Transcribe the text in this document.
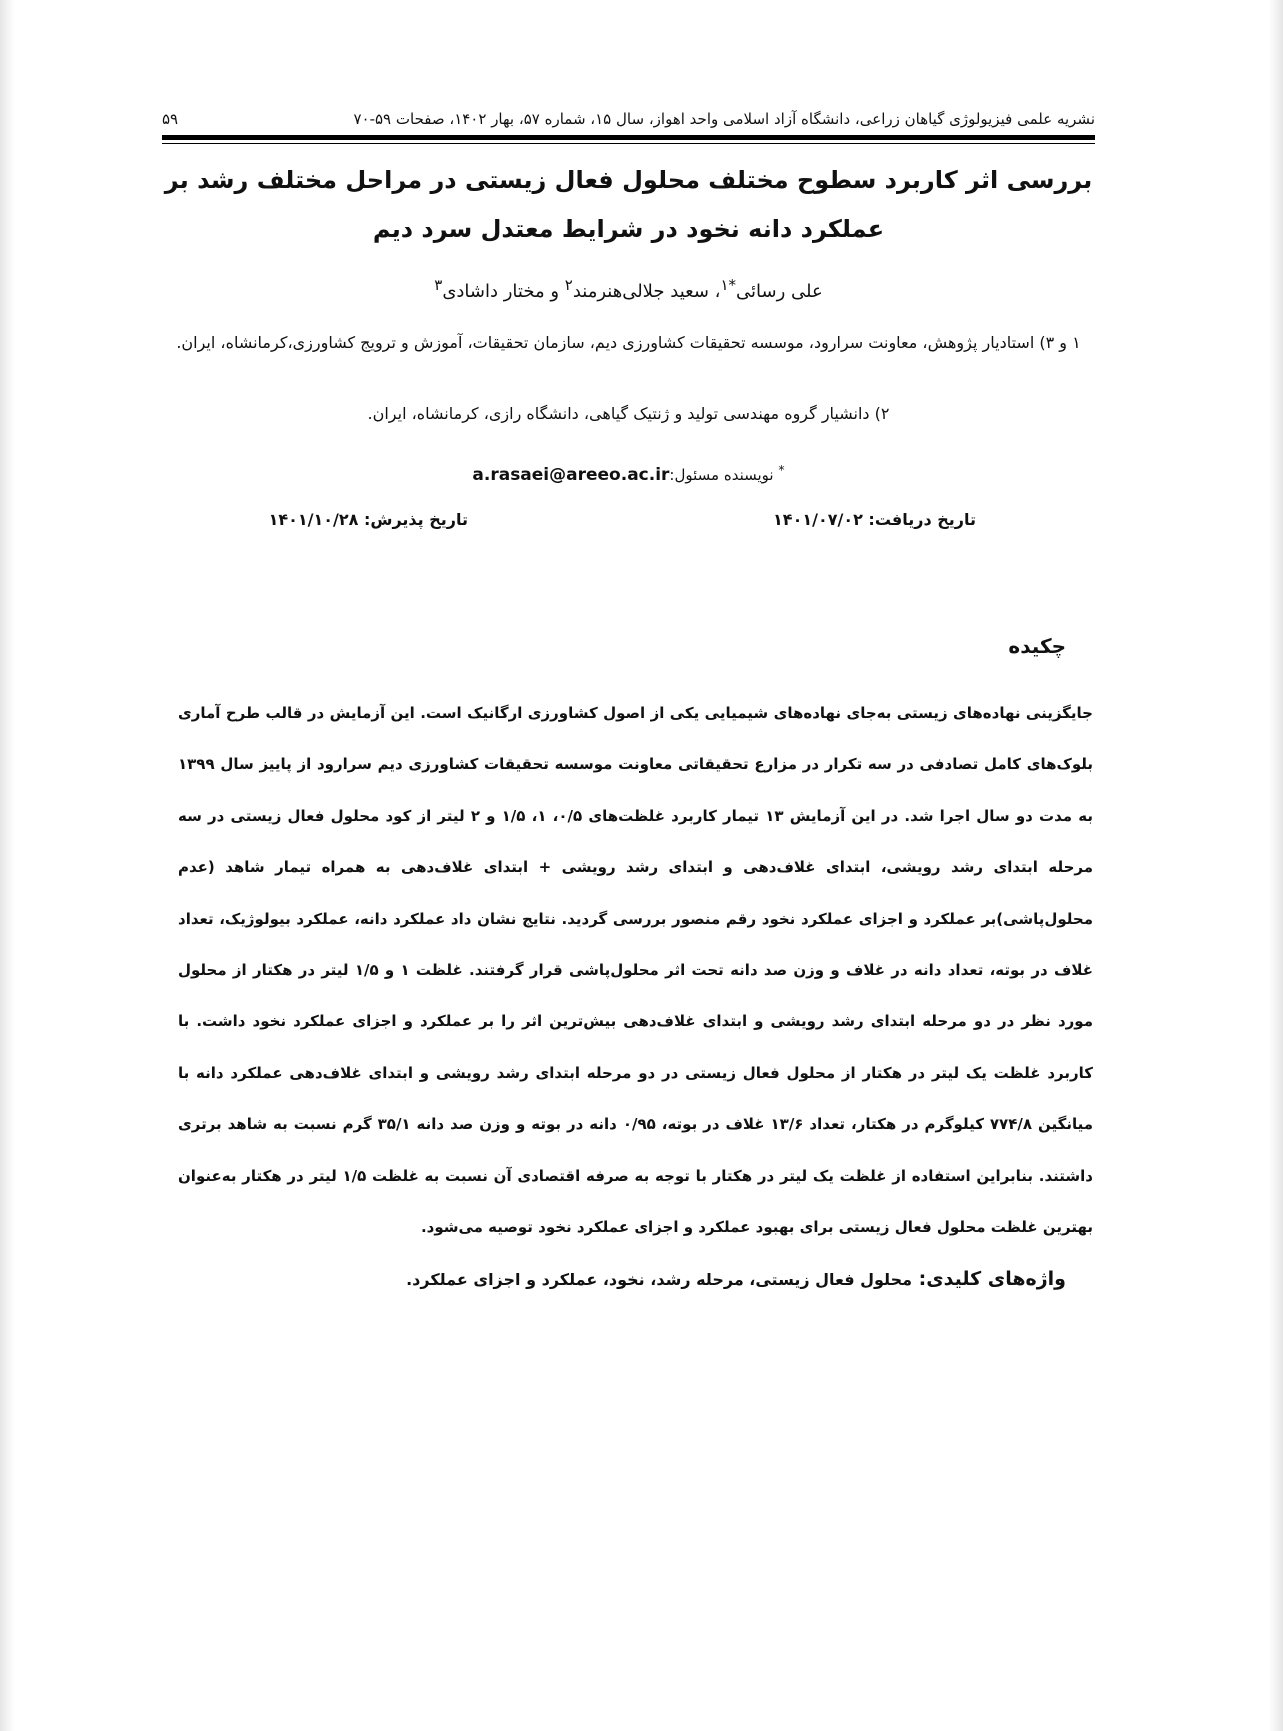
۵۹	نشریه علمی فیزیولوژی گیاهان زراعی، دانشگاه آزاد اسلامی واحد اهواز، سال ۱۵، شماره ۵۷، بهار ۱۴۰۲، صفحات ۵۹-۷۰
بررسی اثر کاربرد سطوح مختلف محلول فعال زیستی در مراحل مختلف رشد بر عملکرد دانه نخود در شرایط معتدل سرد دیم
علی رسائی$^{*۱}$، سعید جلالی‌هنرمند$^۲$ و مختار داشادی$^۳$
۱ و ۳) استادیار پژوهش، معاونت سرارود، موسسه تحقیقات کشاورزی دیم، سازمان تحقیقات، آموزش و ترویج کشاورزی،کرمانشاه، ایران.
۲) دانشیار گروه مهندسی تولید و ژنتیک گیاهی، دانشگاه رازی، کرمانشاه، ایران.
* نویسنده مسئول:a.rasaei@areeo.ac.ir
تاریخ دریافت: ۱۴۰۱/۰۷/۰۲
تاریخ پذیرش: ۱۴۰۱/۱۰/۲۸
چکیده

جایگزینی نهاده‌های زیستی به‌جای نهاده‌های شیمیایی یکی از اصول کشاورزی ارگانیک است. این آزمایش در قالب طرح آماری بلوک‌های کامل تصادفی در سه تکرار در مزارع تحقیقاتی معاونت موسسه تحقیقات کشاورزی دیم سرارود از پاییز سال ۱۳۹۹ به مدت دو سال اجرا شد. در این آزمایش ۱۳ تیمار کاربرد غلظت‌های ۰/۵، ۱، ۱/۵ و ۲ لیتر از کود محلول فعال زیستی در سه مرحله ابتدای رشد رویشی، ابتدای غلاف‌دهی و ابتدای رشد رویشی + ابتدای غلاف‌دهی به همراه تیمار شاهد (عدم محلول‌پاشی)بر عملکرد و اجزای عملکرد نخود رقم منصور بررسی گردید. نتایج نشان داد عملکرد دانه، عملکرد بیولوژیک، تعداد غلاف در بوته، تعداد دانه در غلاف و وزن صد دانه تحت اثر محلول‌پاشی قرار گرفتند. غلظت ۱ و ۱/۵ لیتر در هکتار از محلول مورد نظر در دو مرحله ابتدای رشد رویشی و ابتدای غلاف‌دهی بیش‌ترین اثر را بر عملکرد و اجزای عملکرد نخود داشت. با کاربرد غلظت یک لیتر در هکتار از محلول فعال زیستی در دو مرحله ابتدای رشد رویشی و ابتدای غلاف‌دهی عملکرد دانه با میانگین ۷۷۴/۸ کیلوگرم در هکتار، تعداد ۱۳/۶ غلاف در بوته، ۰/۹۵ دانه در بوته و وزن صد دانه ۳۵/۱ گرم نسبت به شاهد برتری داشتند. بنابراین استفاده از غلظت یک لیتر در هکتار با توجه به صرفه اقتصادی آن نسبت به غلظت ۱/۵ لیتر در هکتار به‌عنوان بهترین غلظت محلول فعال زیستی برای بهبود عملکرد و اجزای عملکرد نخود توصیه می‌شود.

واژه‌های کلیدی: محلول فعال زیستی، مرحله رشد، نخود، عملکرد و اجزای عملکرد.
